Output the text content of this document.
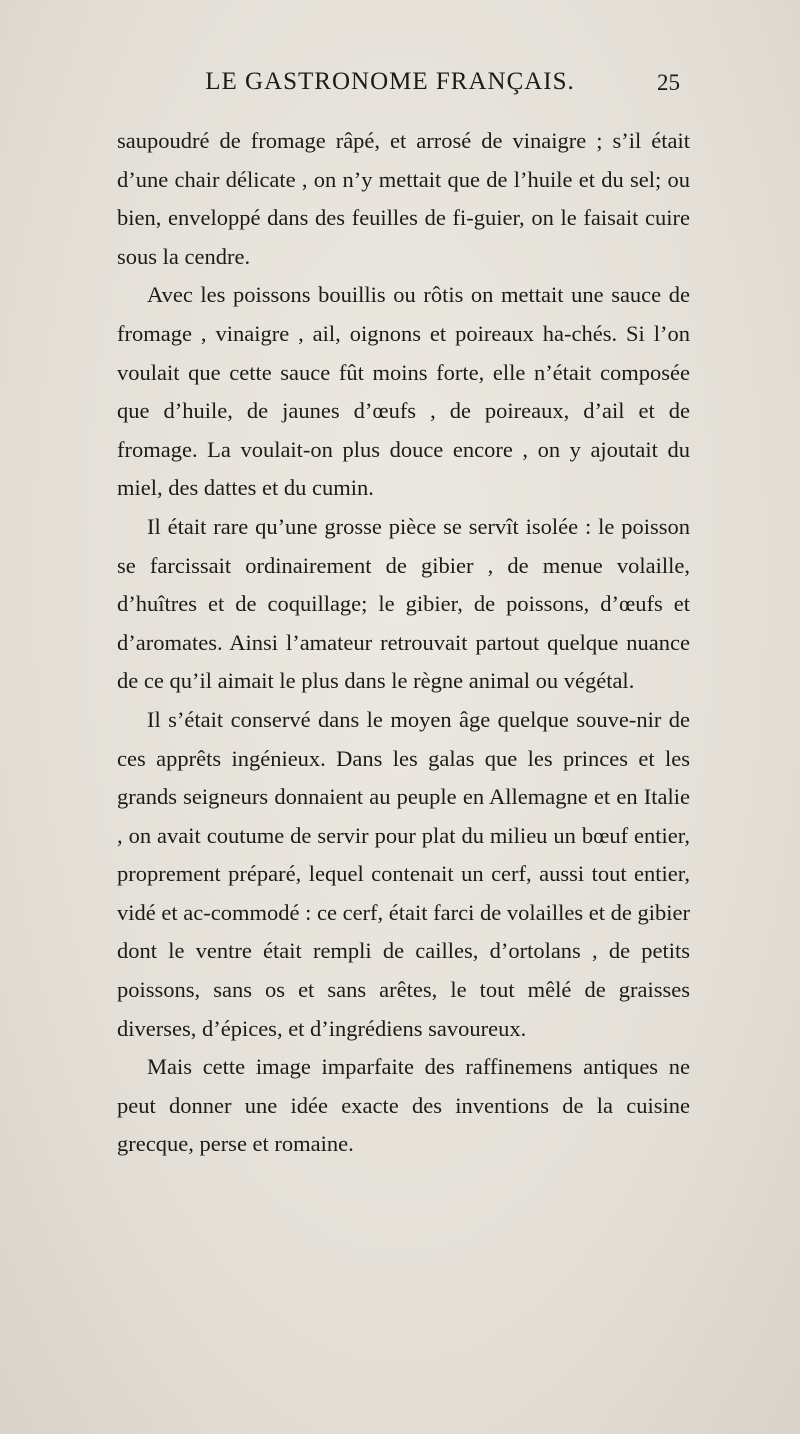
LE GASTRONOME FRANÇAIS.	25

saupoudré de fromage râpé, et arrosé de vinaigre ; s’il était d’une chair délicate , on n’y mettait que de l’huile et du sel; ou bien, enveloppé dans des feuilles de fi-guier, on le faisait cuire sous la cendre.

Avec les poissons bouillis ou rôtis on mettait une sauce de fromage , vinaigre , ail, oignons et poireaux ha-chés. Si l’on voulait que cette sauce fût moins forte, elle n’était composée que d’huile, de jaunes d’œufs , de poireaux, d’ail et de fromage. La voulait-on plus douce encore , on y ajoutait du miel, des dattes et du cumin.

Il était rare qu’une grosse pièce se servît isolée : le poisson se farcissait ordinairement de gibier , de menue volaille, d’huîtres et de coquillage; le gibier, de poissons, d’œufs et d’aromates. Ainsi l’amateur retrouvait partout quelque nuance de ce qu’il aimait le plus dans le règne animal ou végétal.

Il s’était conservé dans le moyen âge quelque souve-nir de ces apprêts ingénieux. Dans les galas que les princes et les grands seigneurs donnaient au peuple en Allemagne et en Italie , on avait coutume de servir pour plat du milieu un bœuf entier, proprement préparé, lequel contenait un cerf, aussi tout entier, vidé et ac-commodé : ce cerf, était farci de volailles et de gibier dont le ventre était rempli de cailles, d’ortolans , de petits poissons, sans os et sans arêtes, le tout mêlé de graisses diverses, d’épices, et d’ingrédiens savoureux.

Mais cette image imparfaite des raffinemens antiques ne peut donner une idée exacte des inventions de la cuisine grecque, perse et romaine.
